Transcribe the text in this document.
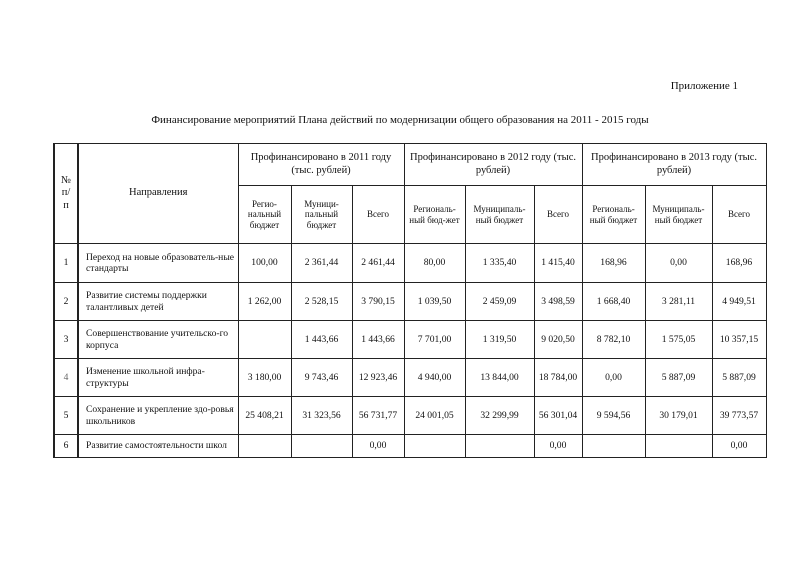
Приложение 1
Финансирование мероприятий Плана действий по модернизации общего образования на 2011 - 2015 годы
№ п/ п	Направления	Профинансировано в 2011 году (тыс. рублей)			Профинансировано в 2012 году (тыс. рублей)			Профинансировано в 2013 году (тыс. рублей)		
		Регио-нальный бюджет	Муници-пальный бюджет	Всего	Региональ-ный бюд-жет	Муниципаль-ный бюджет	Всего	Региональ-ный бюджет	Муниципаль-ный бюджет	Всего
1	Переход на новые образователь-ные стандарты	100,00	2 361,44	2 461,44	80,00	1 335,40	1 415,40	168,96	0,00	168,96
2	Развитие системы поддержки талантливых детей	1 262,00	2 528,15	3 790,15	1 039,50	2 459,09	3 498,59	1 668,40	3 281,11	4 949,51
3	Совершенствование учительско-го корпуса		1 443,66	1 443,66	7 701,00	1 319,50	9 020,50	8 782,10	1 575,05	10 357,15
4	Изменение школьной инфра-структуры	3 180,00	9 743,46	12 923,46	4 940,00	13 844,00	18 784,00	0,00	5 887,09	5 887,09
5	Сохранение и укрепление здо-ровья школьников	25 408,21	31 323,56	56 731,77	24 001,05	32 299,99	56 301,04	9 594,56	30 179,01	39 773,57
6	Развитие самостоятельности школ			0,00			0,00			0,00
